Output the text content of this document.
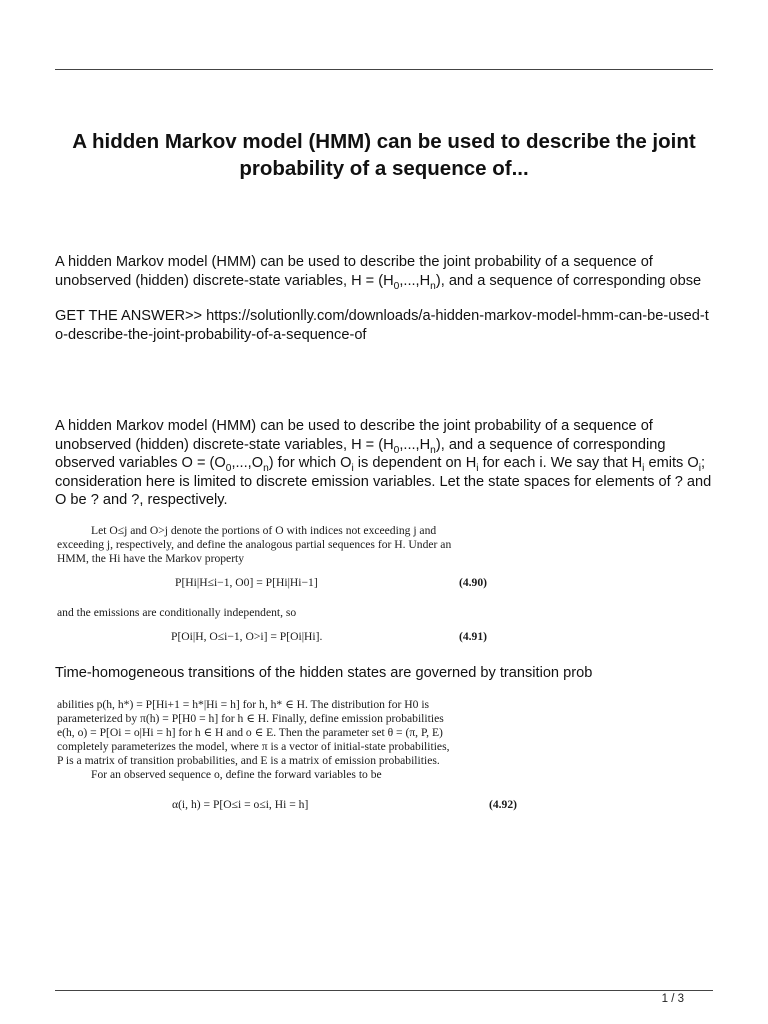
A hidden Markov model (HMM) can be used to describe the joint probability of a sequence of...

A hidden Markov model (HMM) can be used to describe the joint probability of a sequence of unobserved (hidden) discrete-state variables, $H = (H_0,...,H_n)$, and a sequence of corresponding obse

GET THE ANSWER>> https://solutionlly.com/downloads/a-hidden-markov-model-hmm-can-be-used-to-describe-the-joint-probability-of-a-sequence-of

A hidden Markov model (HMM) can be used to describe the joint probability of a sequence of unobserved (hidden) discrete-state variables, $H = (H_0,...,H_n)$, and a sequence of corresponding observed variables $O = (O_0,...,O_n)$ for which $O_i$ is dependent on $H_i$ for each i. We say that $H_i$ emits $O_i$; consideration here is limited to discrete emission variables. Let the state spaces for elements of ? and O be ? and ?, respectively.

Let O≤j and O>j denote the portions of O with indices not exceeding j and

exceeding j, respectively, and define the analogous partial sequences for H. Under an

HMM, the Hi have the Markov property

P[Hi|H≤i−1, O0] = P[Hi|Hi−1]	(4.90)

and the emissions are conditionally independent, so

P[Oi|H, O≤i−1, O>i] = P[Oi|Hi].	(4.91)

Time-homogeneous transitions of the hidden states are governed by transition prob

abilities p(h, h*) = P[Hi+1 = h*|Hi = h] for h, h* ∈ H. The distribution for H0 is

parameterized by π(h) = P[H0 = h] for h ∈ H. Finally, define emission probabilities

e(h, o) = P[Oi = o|Hi = h] for h ∈ H and o ∈ E. Then the parameter set θ = (π, P, E)

completely parameterizes the model, where π is a vector of initial-state probabilities,

P is a matrix of transition probabilities, and E is a matrix of emission probabilities.

For an observed sequence o, define the forward variables to be

α(i, h) = P[O≤i = o≤i, Hi = h]	(4.92)
1 / 3
